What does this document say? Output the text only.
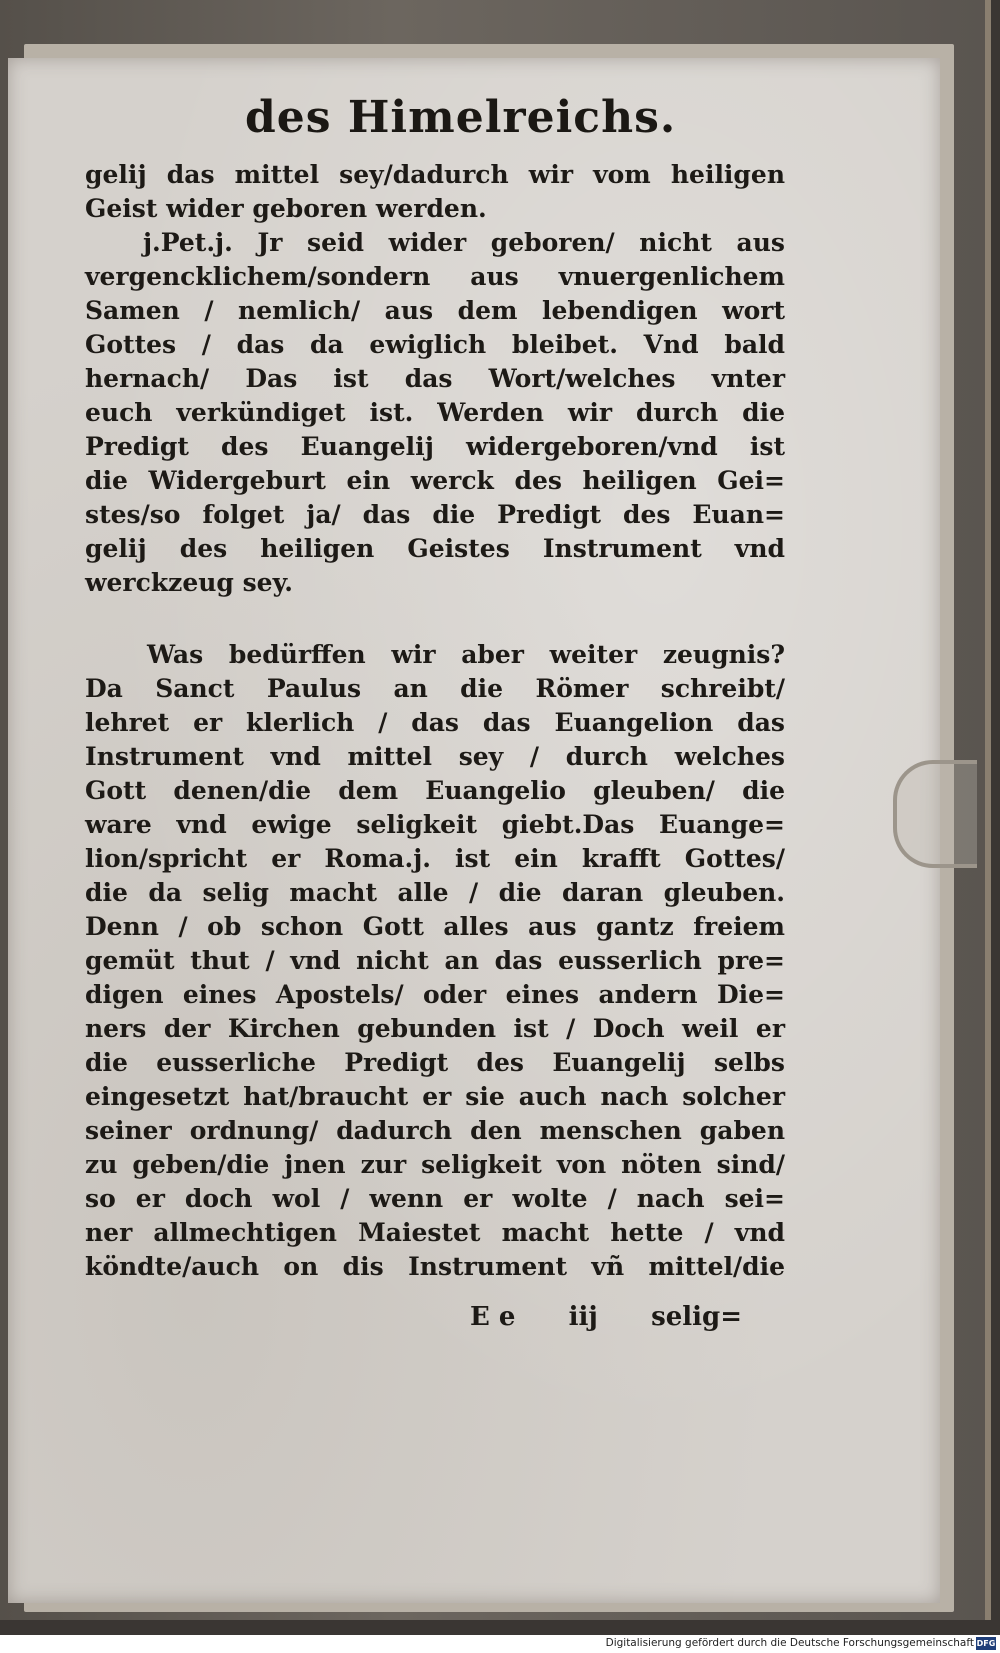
des Himelreichs.
gelĳ das mittel sey/dadurch wir vom heiligen
Geist wider geboren werden.
j.Pet.j. Jr seid wider geboren/ nicht aus
vergencklichem/sondern aus vnuergenlichem
Samen / nemlich/ aus dem lebendigen wort
Gottes / das da ewiglich bleibet. Vnd bald
hernach/ Das ist das Wort/welches vnter
euch verkündiget ist. Werden wir durch die
Predigt des Euangelĳ widergeboren/vnd ist
die Widergeburt ein werck des heiligen Gei=
stes/so folget ja/ das die Predigt des Euan=
gelĳ des heiligen Geistes Instrument vnd
werckzeug sey.
Was bedürffen wir aber weiter zeugnis?
Da Sanct Paulus an die Römer schreibt/
lehret er klerlich / das das Euangelion das
Instrument vnd mittel sey / durch welches
Gott denen/die dem Euangelio gleuben/ die
ware vnd ewige seligkeit giebt.Das Euange=
lion/spricht er Roma.j. ist ein krafft Gottes/
die da selig macht alle / die daran gleuben.
Denn / ob schon Gott alles aus gantz freiem
gemüt thut / vnd nicht an das eusserlich pre=
digen eines Apostels/ oder eines andern Die=
ners der Kirchen gebunden ist / Doch weil er
die eusserliche Predigt des Euangelĳ selbs
eingesetzt hat/braucht er sie auch nach solcher
seiner ordnung/ dadurch den menschen gaben
zu geben/die jnen zur seligkeit von nöten sind/
so er doch wol / wenn er wolte / nach sei=
ner allmechtigen Maiestet macht hette / vnd
köndte/auch on dis Instrument vñ mittel/die
E e iij selig=
Digitalisierung gefördert durch die Deutsche Forschungsgemeinschaft DFG
